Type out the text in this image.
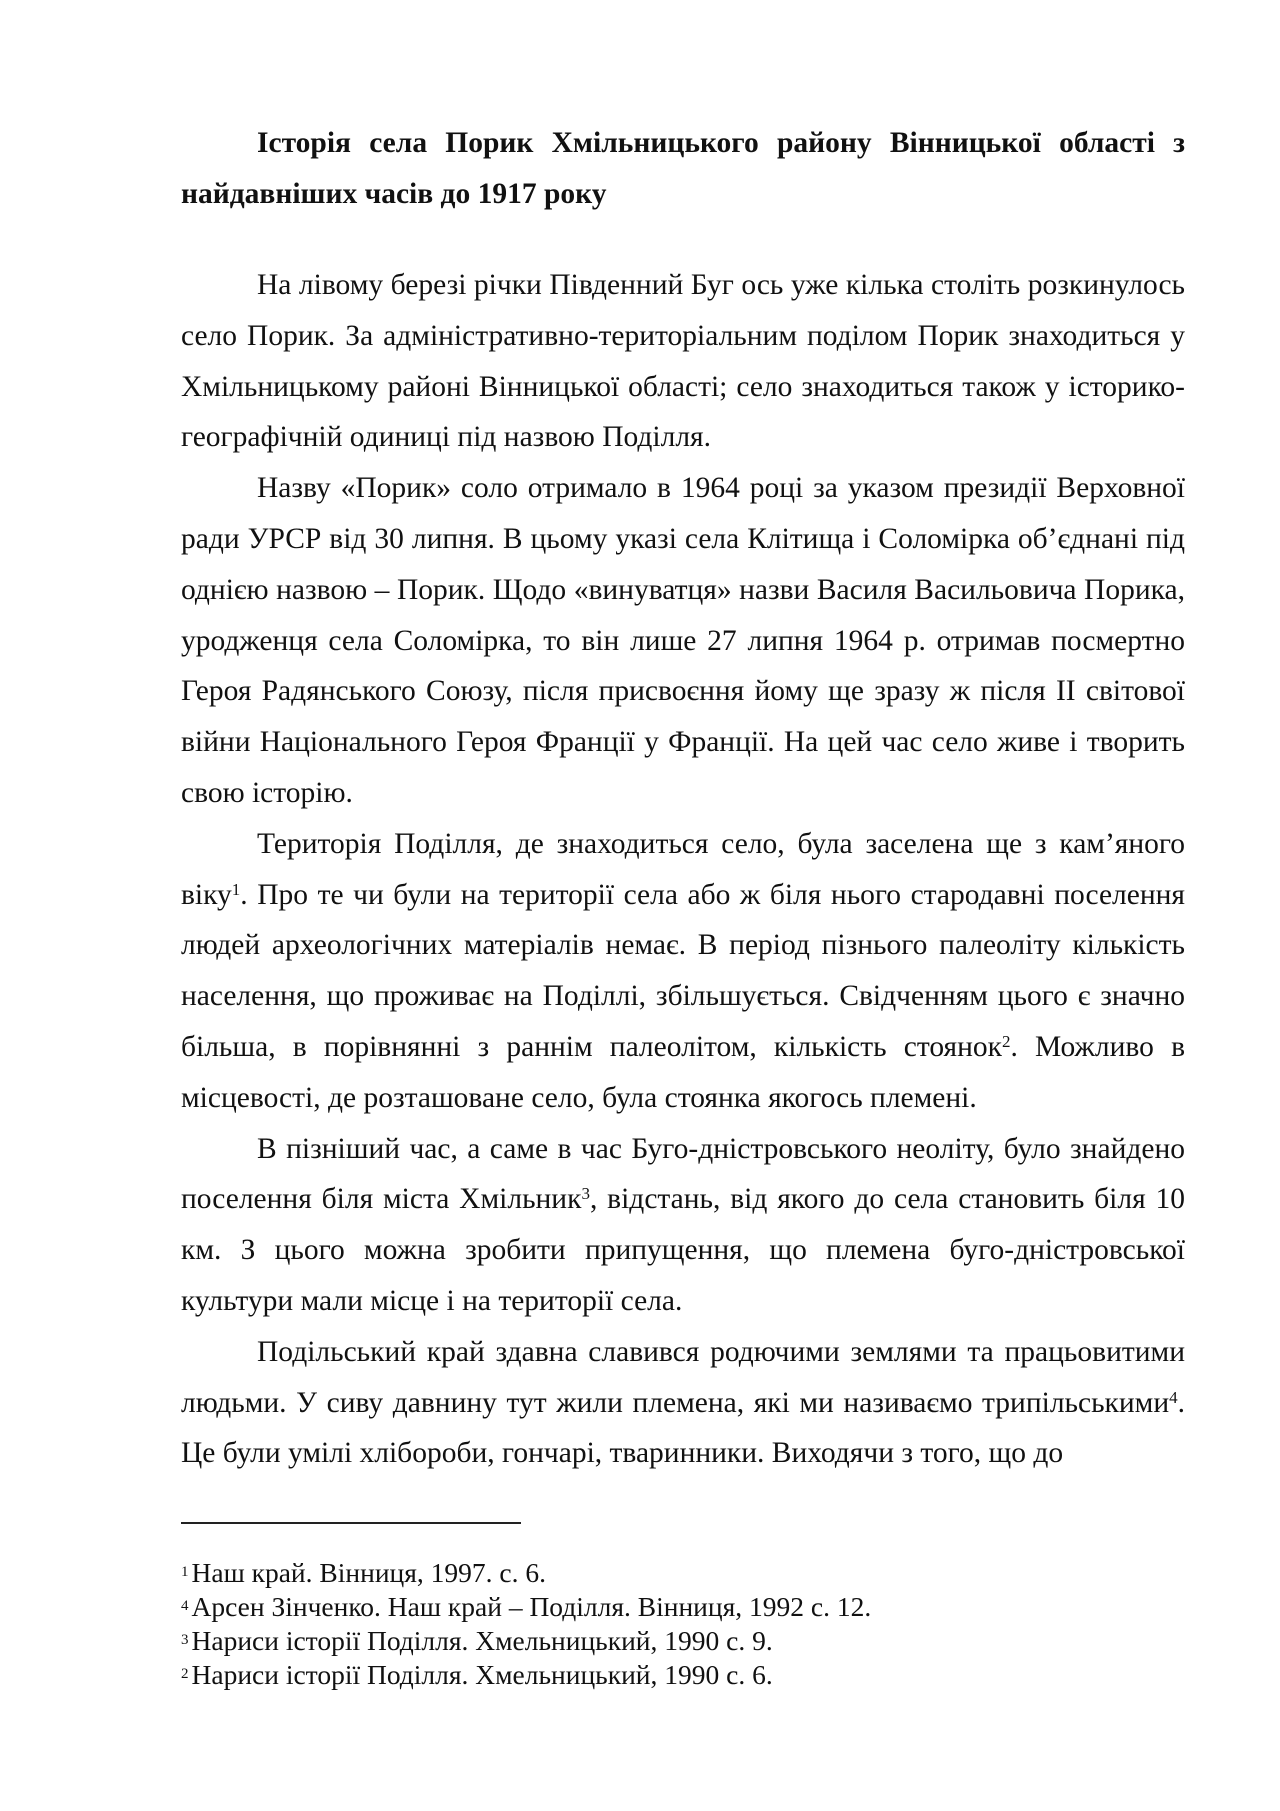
Історія села Порик Хмільницького району Вінницької області з найдавніших часів до 1917 року

На лівому березі річки Південний Буг ось уже кілька століть розкинулось село Порик. За адміністративно-територіальним поділом Порик знаходиться у Хмільницькому районі Вінницької області; село знаходиться також у історико-географічній одиниці під назвою Поділля.

Назву «Порик» соло отримало в 1964 році за указом президії Верховної ради УРСР від 30 липня. В цьому указі села Клітища і Соломірка об’єднані під однією назвою – Порик. Щодо «винуватця» назви Василя Васильовича Порика, уродженця села Соломірка, то він лише 27 липня 1964 р. отримав посмертно Героя Радянського Союзу, після присвоєння йому ще зразу ж після ІІ світової війни Національного Героя Франції у Франції. На цей час село живе і творить свою історію.

Територія Поділля, де знаходиться село, була заселена ще з кам’яного віку$^1$. Про те чи були на території села або ж біля нього стародавні поселення людей археологічних матеріалів немає. В період пізнього палеоліту кількість населення, що проживає на Поділлі, збільшується. Свідченням цього є значно більша, в порівнянні з раннім палеолітом, кількість стоянок$^2$. Можливо в місцевості, де розташоване село, була стоянка якогось племені.

В пізніший час, а саме в час Буго-дністровського неоліту, було знайдено поселення біля міста Хмільник$^3$, відстань, від якого до села становить біля 10 км. З цього можна зробити припущення, що племена буго-дністровської культури мали місце і на території села.

Подільський край здавна славився родючими землями та працьовитими людьми. У сиву давнину тут жили племена, які ми називаємо трипільськими$^4$. Це були умілі хлібороби, гончарі, тваринники. Виходячи з того, що до

$^1$ Наш край. Вінниця, 1997. с. 6.

$^4$ Арсен Зінченко. Наш край – Поділля. Вінниця, 1992 с. 12.

$^3$ Нариси історії Поділля. Хмельницький, 1990 с. 9.

$^2$ Нариси історії Поділля. Хмельницький, 1990 с. 6.
